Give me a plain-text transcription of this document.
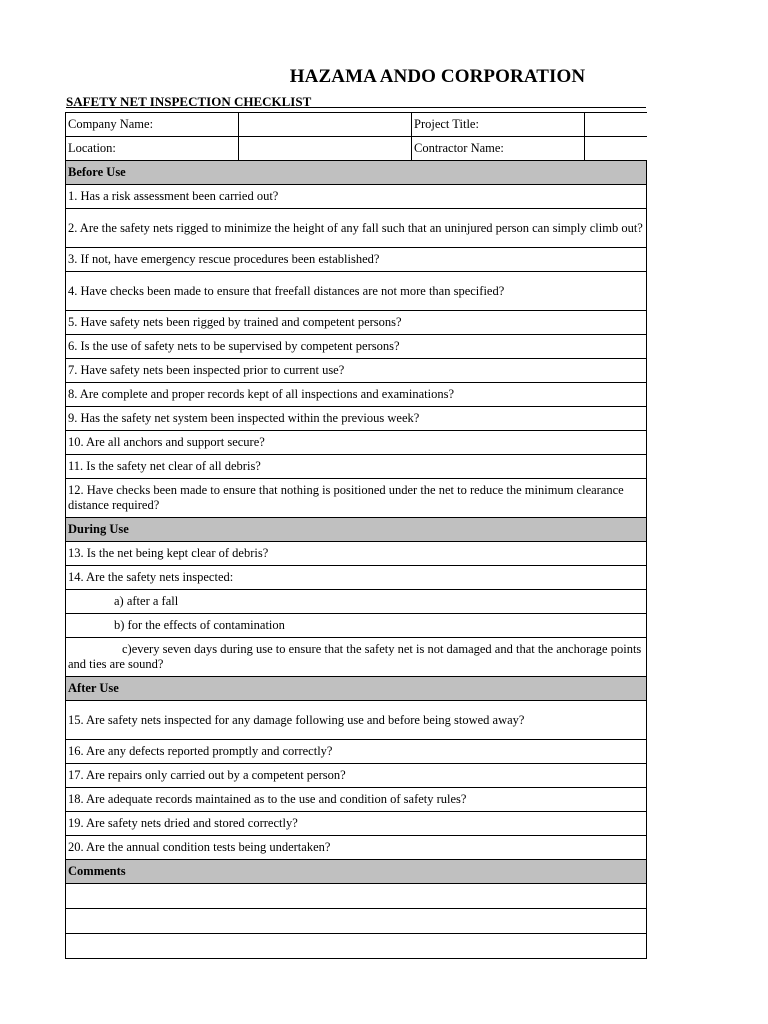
HAZAMA ANDO CORPORATION
SAFETY NET INSPECTION CHECKLIST
Company Name:		Project Title:	
Location:		Contractor Name:	
Before Use			
1. Has a risk assessment been carried out?			
2. Are the safety nets rigged to minimize the height of any fall such that an uninjured person can simply climb out?			
3. If not, have emergency rescue procedures been established?			
4. Have checks been made to ensure that freefall distances are not more than specified?			
5. Have safety nets been rigged by trained and competent persons?			
6. Is the use of safety nets to be supervised by competent persons?			
7. Have safety nets been inspected prior to current use?			
8. Are complete and proper records kept of all inspections and examinations?			
9. Has the safety net system been inspected within the previous week?			
10. Are all anchors and support secure?			
11. Is the safety net clear of all debris?			
12. Have checks been made to ensure that nothing is positioned under the net to reduce the minimum clearance distance required?			
During Use			
13. Is the net being kept clear of debris?			
14. Are the safety nets inspected:			
a) after a fall			
b) for the effects of contamination			
c)every seven days during use to ensure that the safety net is not damaged and that the anchorage points and ties are sound?			
After Use			
15. Are safety nets inspected for any damage following use and before being stowed away?			
16. Are any defects reported promptly and correctly?			
17. Are repairs only carried out by a competent person?			
18. Are adequate records maintained as to the use and condition of safety rules?			
19. Are safety nets dried and stored correctly?			
20. Are the annual condition tests being undertaken?			
Comments			
